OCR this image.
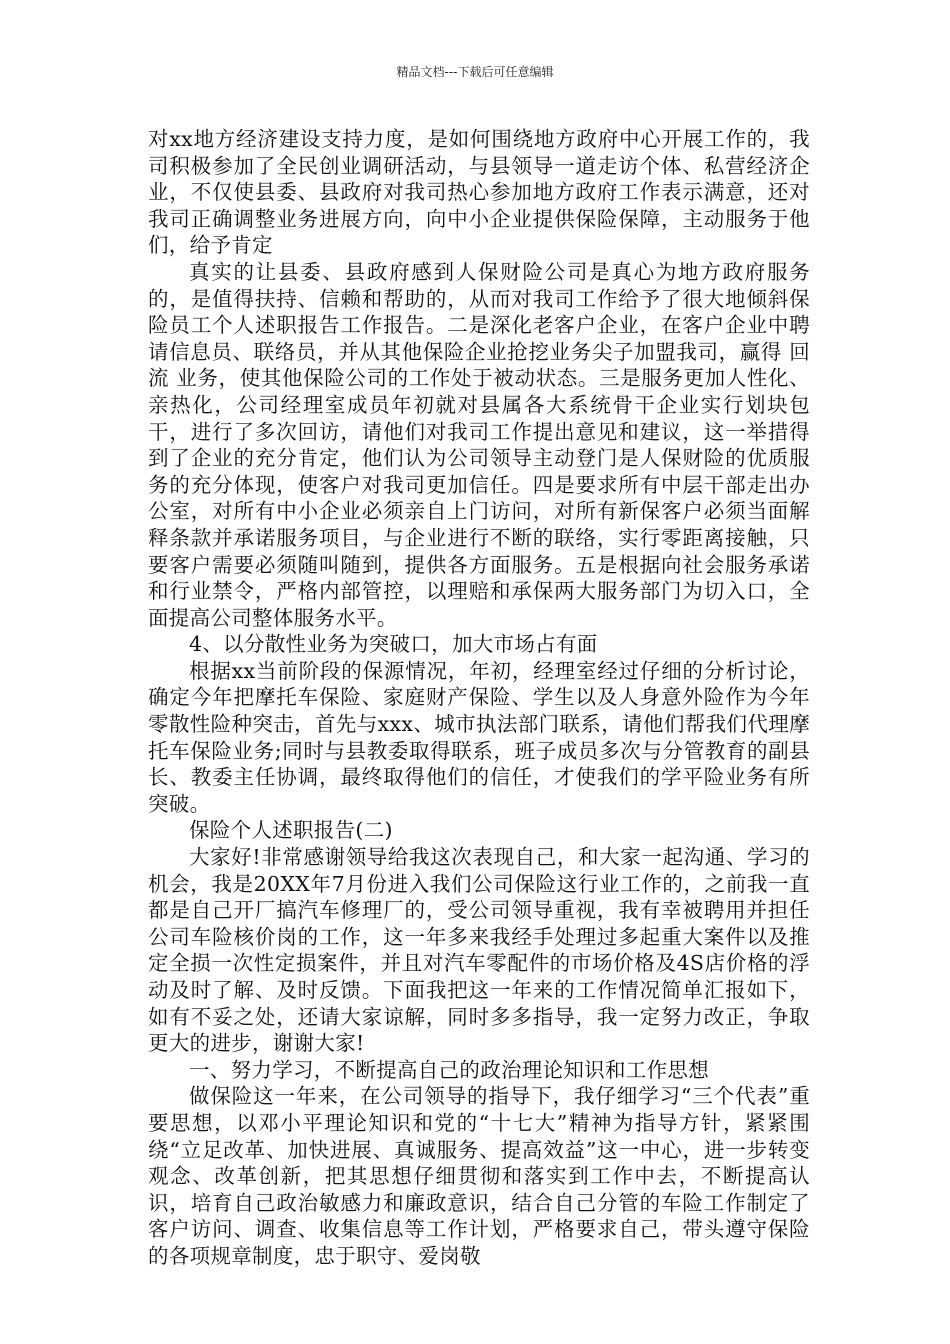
精品文档---下载后可任意编辑

对xx地方经济建设支持力度，是如何围绕地方政府中心开展工作的，我司积极参加了全民创业调研活动，与县领导一道走访个体、私营经济企业，不仅使县委、县政府对我司热心参加地方政府工作表示满意，还对我司正确调整业务进展方向，向中小企业提供保险保障，主动服务于他们，给予肯定

真实的让县委、县政府感到人保财险公司是真心为地方政府服务的，是值得扶持、信赖和帮助的，从而对我司工作给予了很大地倾斜保险员工个人述职报告工作报告。二是深化老客户企业，在客户企业中聘请信息员、联络员，并从其他保险企业抢挖业务尖子加盟我司，赢得 回流 业务，使其他保险公司的工作处于被动状态。三是服务更加人性化、亲热化，公司经理室成员年初就对县属各大系统骨干企业实行划块包干，进行了多次回访，请他们对我司工作提出意见和建议，这一举措得到了企业的充分肯定，他们认为公司领导主动登门是人保财险的优质服务的充分体现，使客户对我司更加信任。四是要求所有中层干部走出办公室，对所有中小企业必须亲自上门访问，对所有新保客户必须当面解释条款并承诺服务项目，与企业进行不断的联络，实行零距离接触，只要客户需要必须随叫随到，提供各方面服务。五是根据向社会服务承诺和行业禁令，严格内部管控，以理赔和承保两大服务部门为切入口，全面提高公司整体服务水平。

4、以分散性业务为突破口，加大市场占有面

根据xx当前阶段的保源情况，年初，经理室经过仔细的分析讨论，确定今年把摩托车保险、家庭财产保险、学生以及人身意外险作为今年零散性险种突击，首先与xxx、城市执法部门联系，请他们帮我们代理摩托车保险业务;同时与县教委取得联系，班子成员多次与分管教育的副县长、教委主任协调，最终取得他们的信任，才使我们的学平险业务有所突破。

保险个人述职报告(二)

大家好!非常感谢领导给我这次表现自己，和大家一起沟通、学习的机会，我是20XX年7月份进入我们公司保险这行业工作的，之前我一直都是自己开厂搞汽车修理厂的，受公司领导重视，我有幸被聘用并担任公司车险核价岗的工作，这一年多来我经手处理过多起重大案件以及推定全损一次性定损案件，并且对汽车零配件的市场价格及4S店价格的浮动及时了解、及时反馈。下面我把这一年来的工作情况简单汇报如下，如有不妥之处，还请大家谅解，同时多多指导，我一定努力改正，争取更大的进步，谢谢大家!

一、努力学习，不断提高自己的政治理论知识和工作思想

做保险这一年来，在公司领导的指导下，我仔细学习“三个代表”重要思想，以邓小平理论知识和党的“十七大”精神为指导方针，紧紧围绕“立足改革、加快进展、真诚服务、提高效益”这一中心，进一步转变观念、改革创新，把其思想仔细贯彻和落实到工作中去，不断提高认识，培育自己政治敏感力和廉政意识，结合自己分管的车险工作制定了客户访问、调查、收集信息等工作计划，严格要求自己，带头遵守保险的各项规章制度，忠于职守、爱岗敬
